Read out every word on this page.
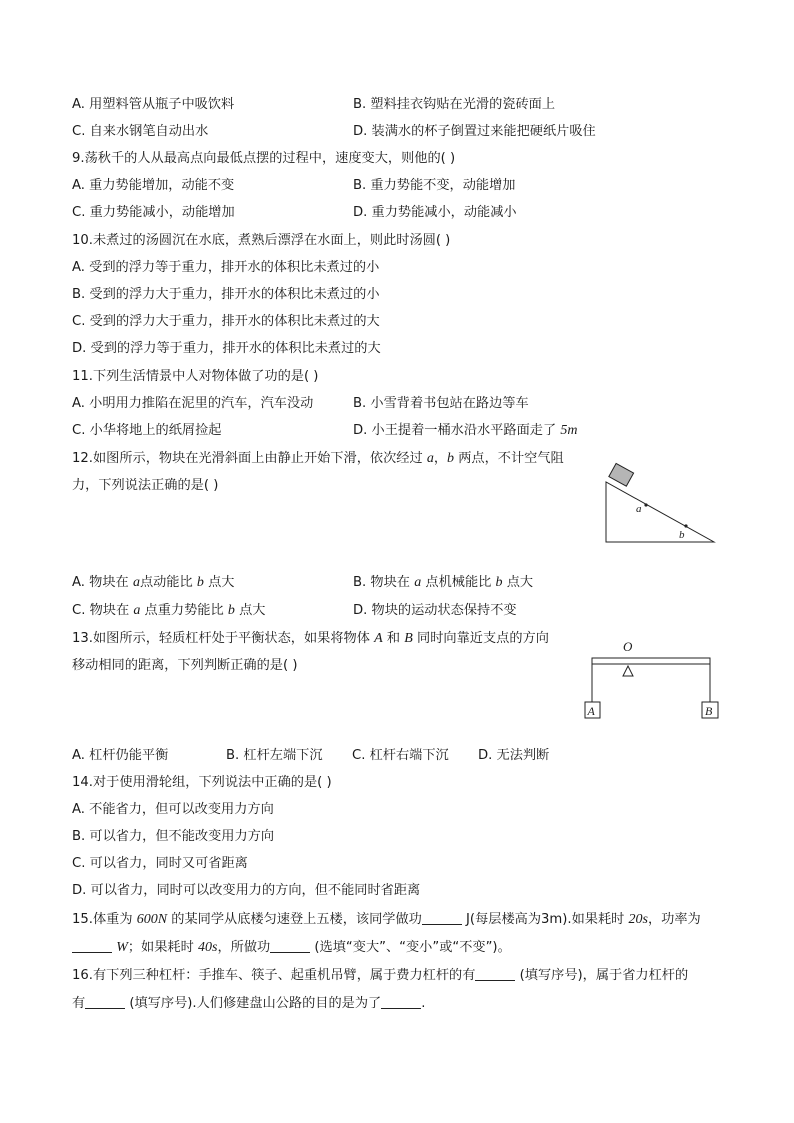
A. 用塑料管从瓶子中吸饮料	B. 塑料挂衣钩贴在光滑的瓷砖面上
C. 自来水钢笔自动出水	D. 装满水的杯子倒置过来能把硬纸片吸住
9.荡秋千的人从最高点向最低点摆的过程中，速度变大，则他的( )
A. 重力势能增加，动能不变	B. 重力势能不变，动能增加
C. 重力势能减小，动能增加	D. 重力势能减小，动能减小
10.未煮过的汤圆沉在水底，煮熟后漂浮在水面上，则此时汤圆( )
A. 受到的浮力等于重力，排开水的体积比未煮过的小
B. 受到的浮力大于重力，排开水的体积比未煮过的小
C. 受到的浮力大于重力，排开水的体积比未煮过的大
D. 受到的浮力等于重力，排开水的体积比未煮过的大
11.下列生活情景中人对物体做了功的是( )
A. 小明用力推陷在泥里的汽车，汽车没动	B. 小雪背着书包站在路边等车
C. 小华将地上的纸屑捡起	D. 小王提着一桶水沿水平路面走了 5m
12.如图所示，物块在光滑斜面上由静止开始下滑，依次经过 a，b 两点，不计空气阻
力，下列说法正确的是( )
a
b
A. 物块在 a点动能比 b 点大	B. 物块在 a 点机械能比 b 点大
C. 物块在 a 点重力势能比 b 点大	D. 物块的运动状态保持不变
13.如图所示，轻质杠杆处于平衡状态，如果将物体 A 和 B 同时向靠近支点的方向
移动相同的距离，下列判断正确的是( )
O
A	B
A. 杠杆仍能平衡	B. 杠杆左端下沉 C. 杠杆右端下沉 D. 无法判断
14.对于使用滑轮组，下列说法中正确的是( )
A. 不能省力，但可以改变用力方向
B. 可以省力，但不能改变用力方向
C. 可以省力，同时又可省距离
D. 可以省力，同时可以改变用力的方向，但不能同时省距离
15.体重为 600N 的某同学从底楼匀速登上五楼，该同学做功	J(每层楼高为3m).如果耗时 20s，功率为
W；如果耗时 40s，所做功	(选填“变大”、“变小”或“不变”)。
16.有下列三种杠杆：手推车、筷子、起重机吊臂，属于费力杠杆的有	(填写序号)，属于省力杠杆的
有	(填写序号).人们修建盘山公路的目的是为了	.
